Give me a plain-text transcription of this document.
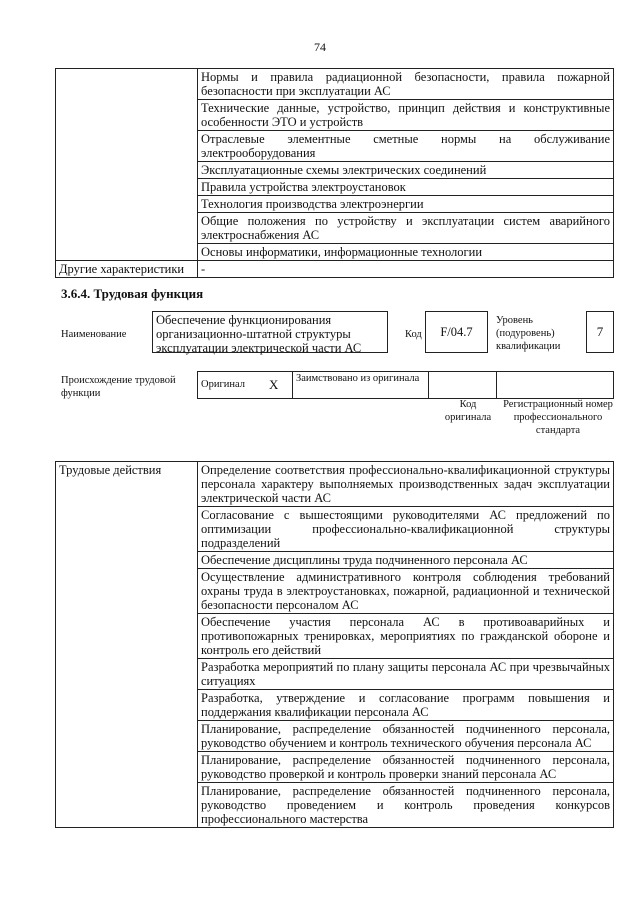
74
	Нормы и правила радиационной безопасности, правила пожарной безопасности при эксплуатации АС
	Технические данные, устройство, принцип действия и конструктивные особенности ЭТО и устройств
	Отраслевые элементные сметные нормы на обслуживание электрооборудования
	Эксплуатационные схемы электрических соединений
	Правила устройства электроустановок
	Технология производства электроэнергии
	Общие положения по устройству и эксплуатации систем аварийного электроснабжения АС
	Основы информатики, информационные технологии
Другие характеристики	-
3.6.4. Трудовая функция
Наименование
Обеспечение функционирования организационно-штатной структуры эксплуатации электрической части АС
Код	F/04.7
Уровень (подуровень) квалификации
7
Происхождение трудовой функции
Оригинал	X	Заимствовано из оригинала		
Код оригинала
Регистрационный номер профессионального стандарта
Трудовые действия	Определение соответствия профессионально-квалификационной структуры персонала характеру выполняемых производственных задач эксплуатации электрической части АС
Согласование с вышестоящими руководителями АС предложений по оптимизации профессионально-квалификационной структуры подразделений
Обеспечение дисциплины труда подчиненного персонала АС
Осуществление административного контроля соблюдения требований охраны труда в электроустановках, пожарной, радиационной и технической безопасности персоналом АС
Обеспечение участия персонала АС в противоаварийных и противопожарных тренировках, мероприятиях по гражданской обороне и контроль его действий
Разработка мероприятий по плану защиты персонала АС при чрезвычайных ситуациях
Разработка, утверждение и согласование программ повышения и поддержания квалификации персонала АС
Планирование, распределение обязанностей подчиненного персонала, руководство обучением и контроль технического обучения персонала АС
Планирование, распределение обязанностей подчиненного персонала, руководство проверкой и контроль проверки знаний персонала АС
Планирование, распределение обязанностей подчиненного персонала, руководство проведением и контроль проведения конкурсов профессионального мастерства
